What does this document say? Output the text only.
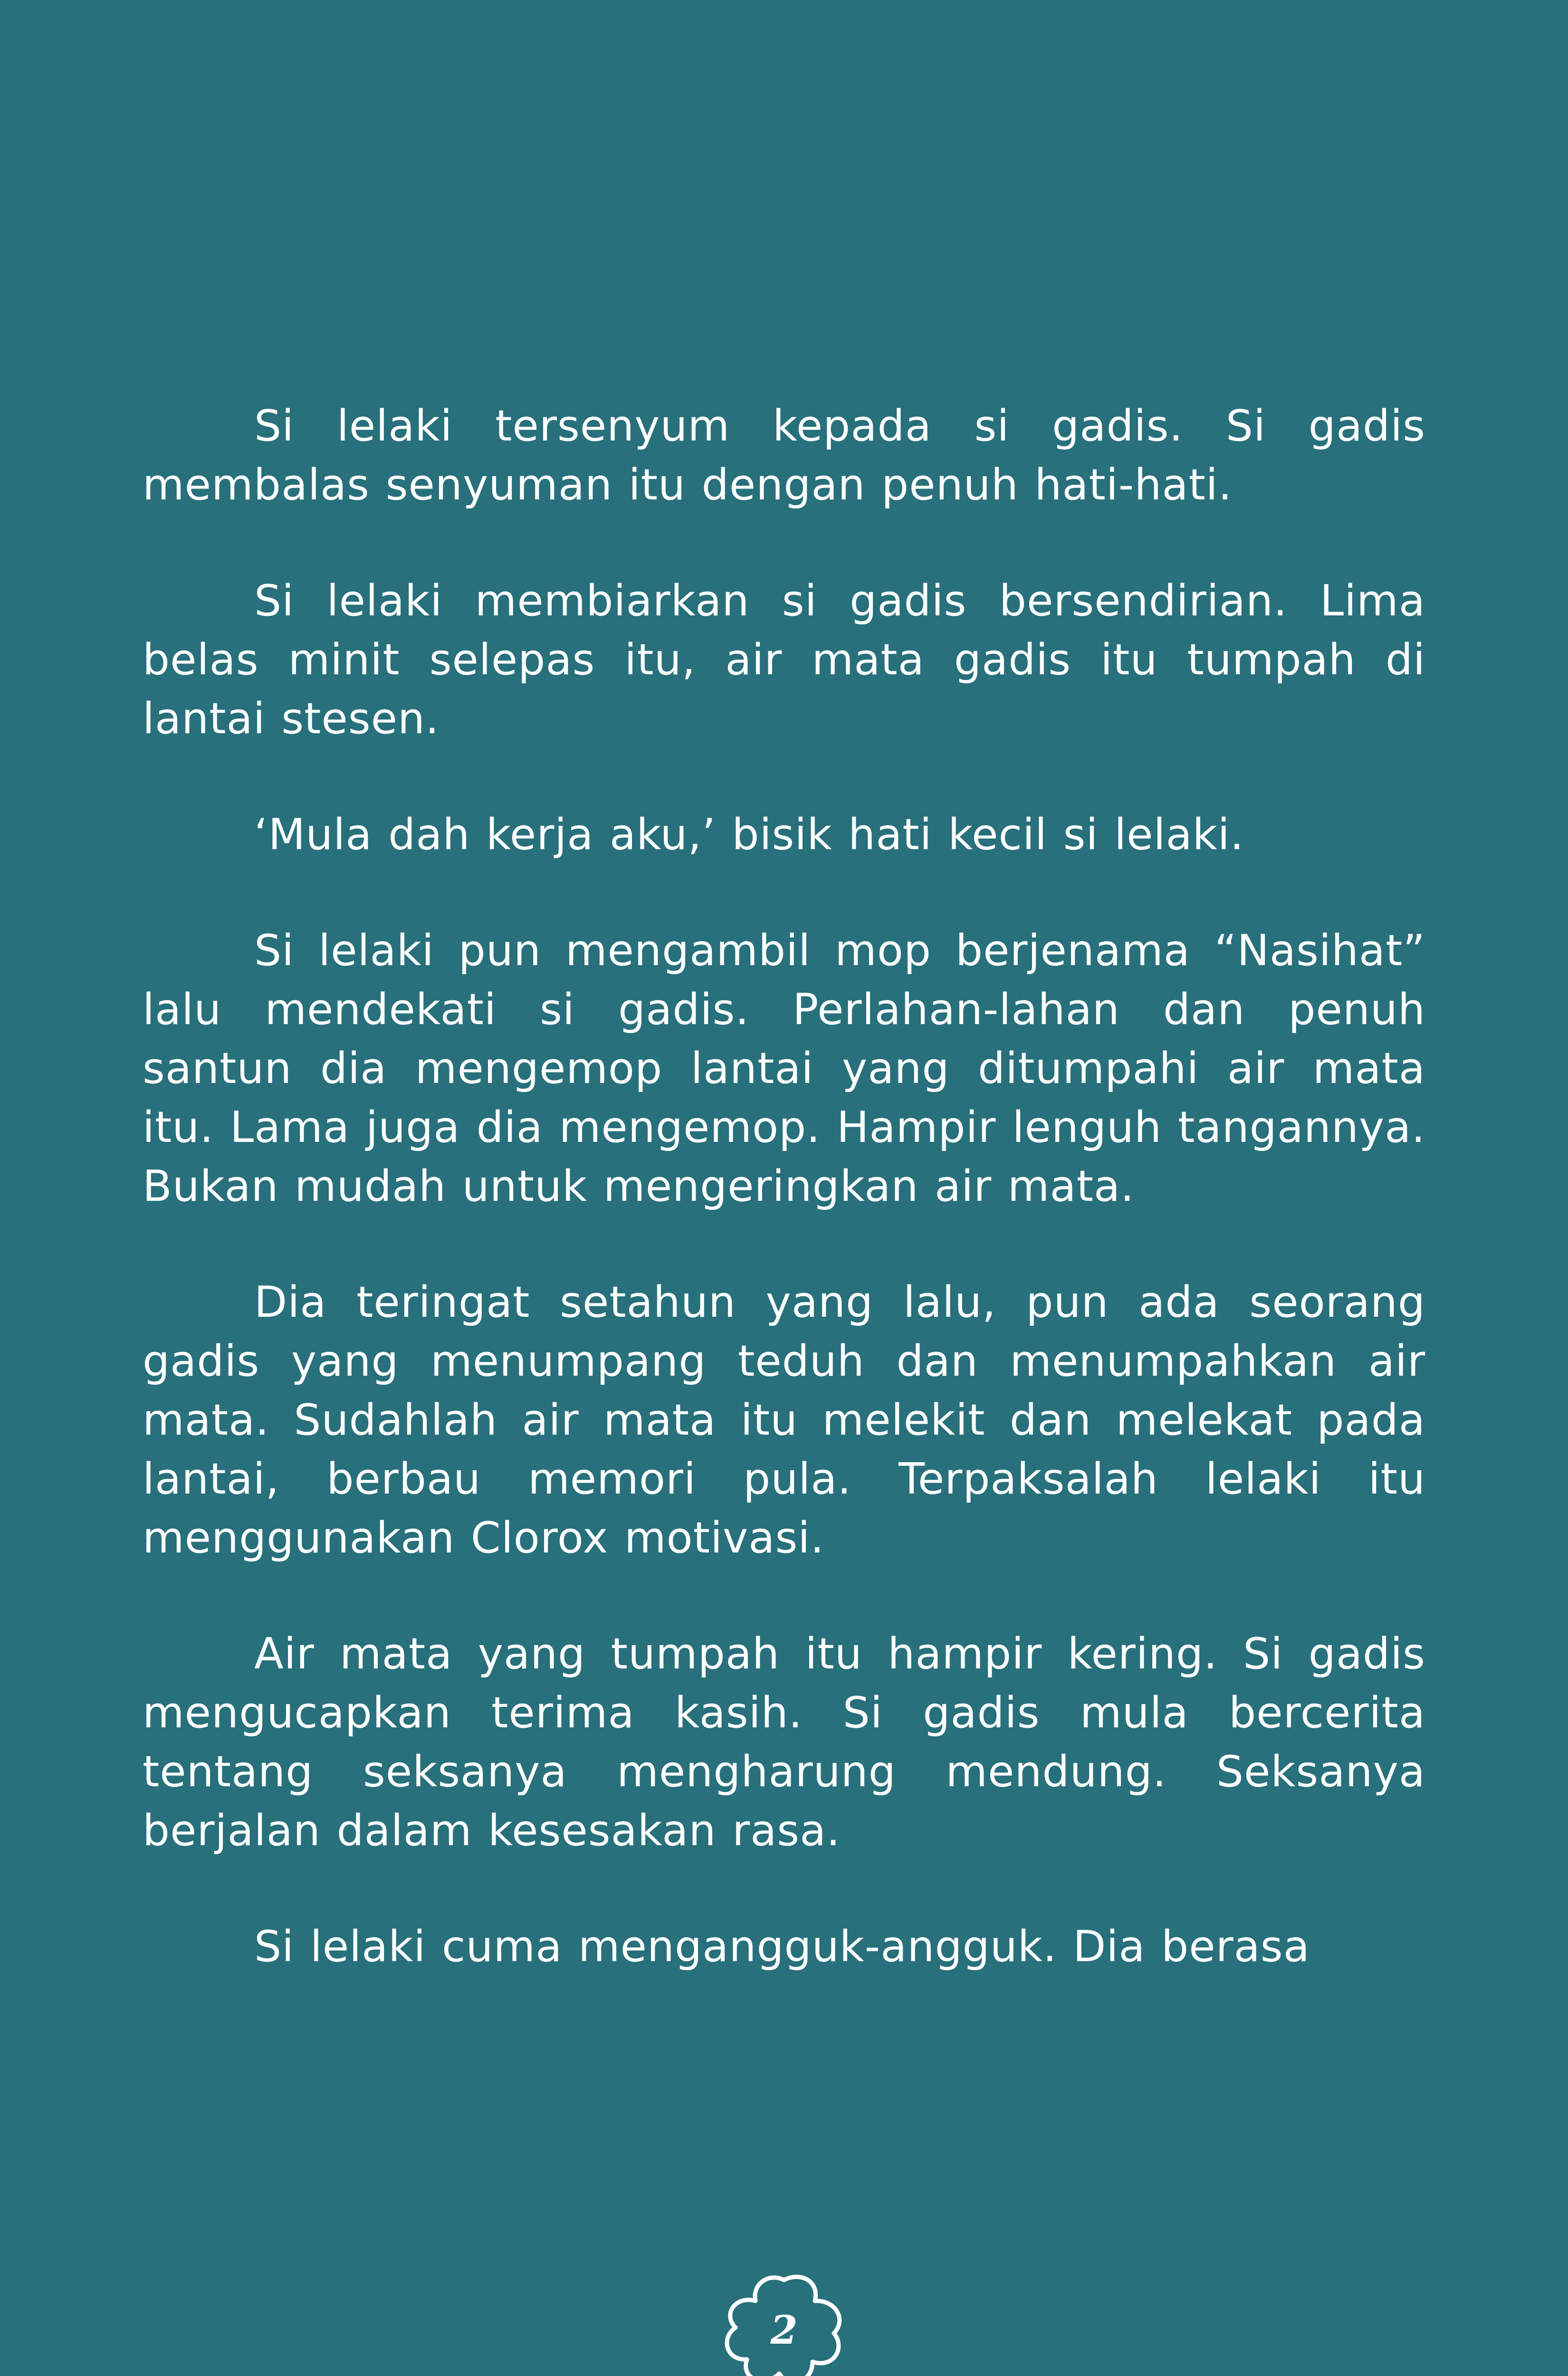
Si lelaki tersenyum kepada si gadis. Si gadis membalas senyuman itu dengan penuh hati-hati.

Si lelaki membiarkan si gadis bersendirian. Lima belas minit selepas itu, air mata gadis itu tumpah di lantai stesen.

‘Mula dah kerja aku,’ bisik hati kecil si lelaki.

Si lelaki pun mengambil mop berjenama “Nasihat” lalu mendekati si gadis. Perlahan-lahan dan penuh santun dia mengemop lantai yang ditumpahi air mata itu. Lama juga dia mengemop. Hampir lenguh tangannya. Bukan mudah untuk mengeringkan air mata.

Dia teringat setahun yang lalu, pun ada seorang gadis yang menumpang teduh dan menumpahkan air mata. Sudahlah air mata itu melekit dan melekat pada lantai, berbau memori pula. Terpaksalah lelaki itu menggunakan Clorox motivasi.

Air mata yang tumpah itu hampir kering. Si gadis mengucapkan terima kasih. Si gadis mula bercerita tentang seksanya mengharung mendung. Seksanya berjalan dalam kesesakan rasa.

Si lelaki cuma mengangguk-angguk. Dia berasa

2
